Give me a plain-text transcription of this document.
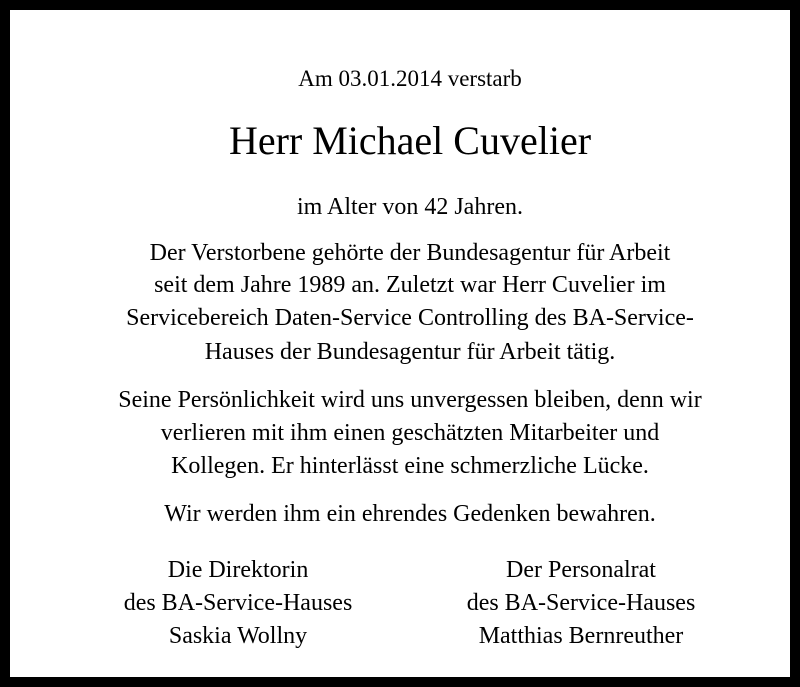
Am 03.01.2014 verstarb
Herr Michael Cuvelier
im Alter von 42 Jahren.
Der Verstorbene gehörte der Bundesagentur für Arbeit
seit dem Jahre 1989 an. Zuletzt war Herr Cuvelier im
Servicebereich Daten-Service Controlling des BA-Service-
Hauses der Bundesagentur für Arbeit tätig.
Seine Persönlichkeit wird uns unvergessen bleiben, denn wir
verlieren mit ihm einen geschätzten Mitarbeiter und
Kollegen. Er hinterlässt eine schmerzliche Lücke.
Wir werden ihm ein ehrendes Gedenken bewahren.
Die Direktorin
des BA-Service-Hauses
Saskia Wollny
Der Personalrat
des BA-Service-Hauses
Matthias Bernreuther
